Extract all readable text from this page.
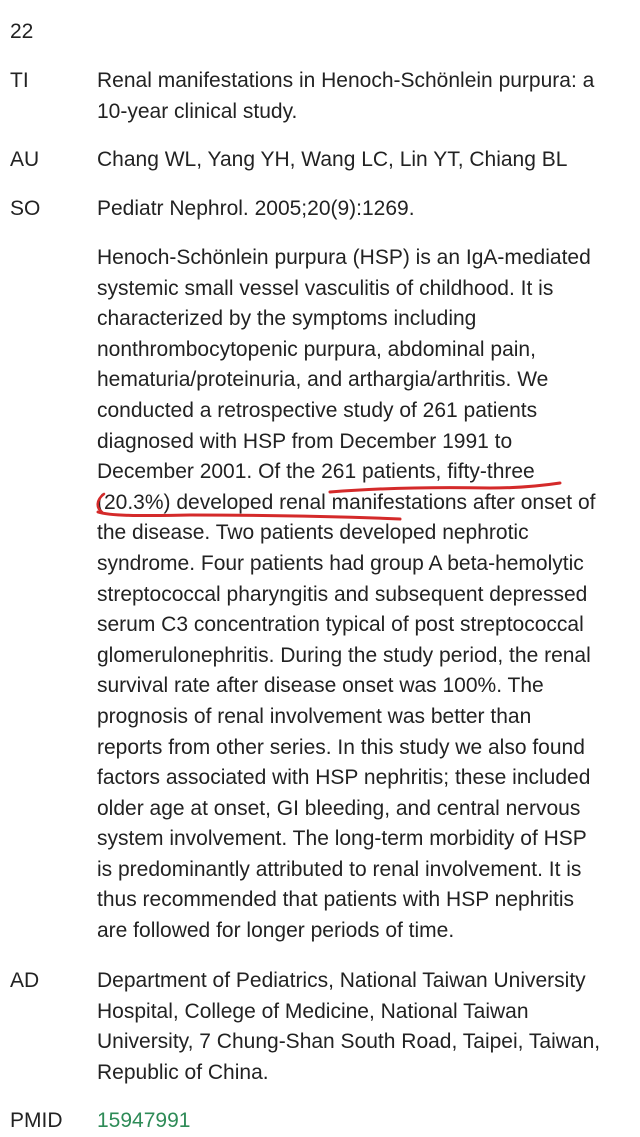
22
TI	Renal manifestations in Henoch-Schönlein purpura: a
10-year clinical study.
AU	Chang WL, Yang YH, Wang LC, Lin YT, Chiang BL
SO	Pediatr Nephrol. 2005;20(9):1269.
Henoch-Schönlein purpura (HSP) is an IgA-mediated
systemic small vessel vasculitis of childhood. It is
characterized by the symptoms including
nonthrombocytopenic purpura, abdominal pain,
hematuria/proteinuria, and arthargia/arthritis. We
conducted a retrospective study of 261 patients
diagnosed with HSP from December 1991 to
December 2001. Of the 261 patients, fifty-three
(20.3%) developed renal manifestations after onset of
the disease. Two patients developed nephrotic
syndrome. Four patients had group A beta-hemolytic
streptococcal pharyngitis and subsequent depressed
serum C3 concentration typical of post streptococcal
glomerulonephritis. During the study period, the renal
survival rate after disease onset was 100%. The
prognosis of renal involvement was better than
reports from other series. In this study we also found
factors associated with HSP nephritis; these included
older age at onset, GI bleeding, and central nervous
system involvement. The long-term morbidity of HSP
is predominantly attributed to renal involvement. It is
thus recommended that patients with HSP nephritis
are followed for longer periods of time.
AD	Department of Pediatrics, National Taiwan University
Hospital, College of Medicine, National Taiwan
University, 7 Chung-Shan South Road, Taipei, Taiwan,
Republic of China.
PMID 15947991
